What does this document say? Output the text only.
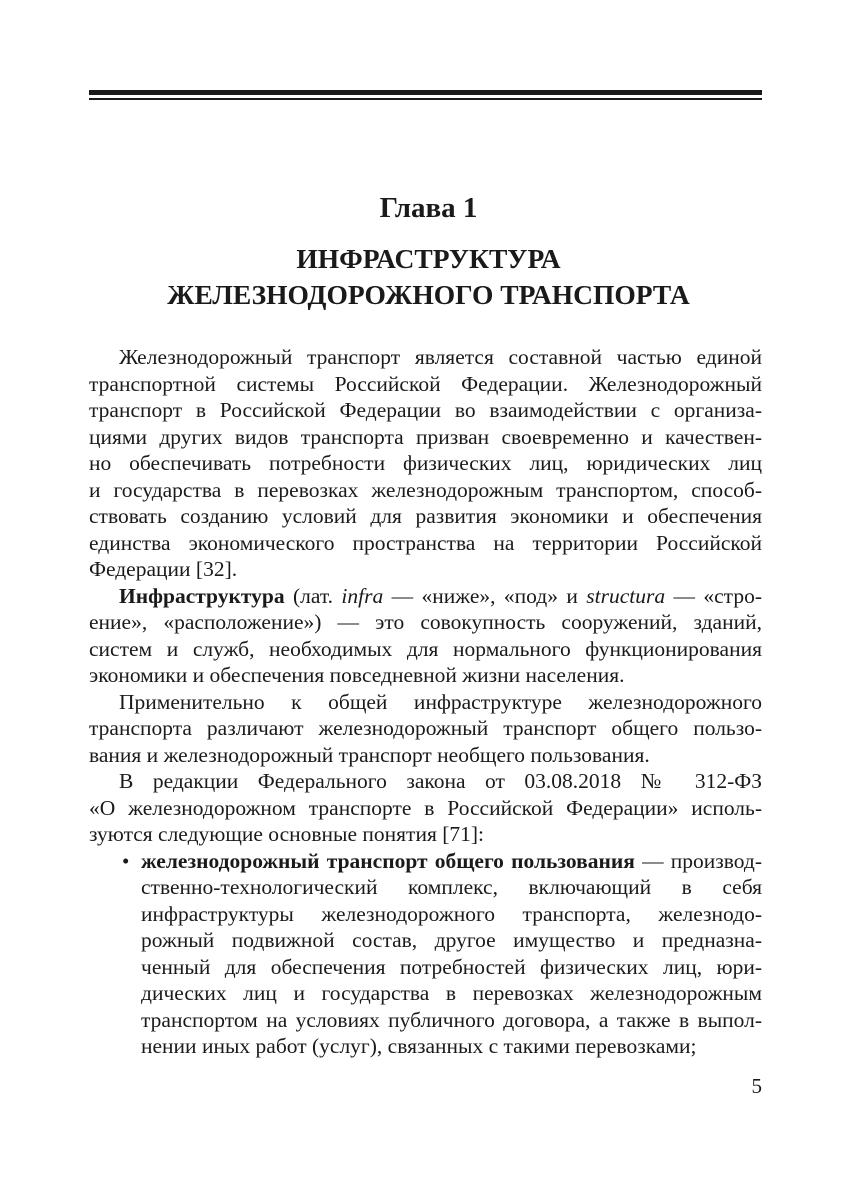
Глава 1
ИНФРАСТРУКТУРА
ЖЕЛЕЗНОДОРОЖНОГО ТРАНСПОРТА
Железнодорожный транспорт является составной частью единой
транспортной системы Российской Федерации. Железнодорожный
транспорт в Российской Федерации во взаимодействии с организа-
циями других видов транспорта призван своевременно и качествен-
но обеспечивать потребности физических лиц, юридических лиц
и государства в перевозках железнодорожным транспортом, способ-
ствовать созданию условий для развития экономики и обеспечения
единства экономического пространства на территории Российской
Федерации [32].
Инфраструктура (лат. infra — «ниже», «под» и structura — «стро-
ение», «расположение») — это совокупность сооружений, зданий,
систем и служб, необходимых для нормального функционирования
экономики и обеспечения повседневной жизни населения.
Применительно к общей инфраструктуре железнодорожного
транспорта различают железнодорожный транспорт общего пользо-
вания и железнодорожный транспорт необщего пользования.
В редакции Федерального закона от 03.08.2018 № 312-ФЗ
«О железнодорожном транспорте в Российской Федерации» исполь-
зуются следующие основные понятия [71]:
• железнодорожный транспорт общего пользования — производ-
ственно-технологический комплекс, включающий в себя
инфраструктуры железнодорожного транспорта, железнодо-
рожный подвижной состав, другое имущество и предназна-
ченный для обеспечения потребностей физических лиц, юри-
дических лиц и государства в перевозках железнодорожным
транспортом на условиях публичного договора, а также в выпол-
нении иных работ (услуг), связанных с такими перевозками;
5
